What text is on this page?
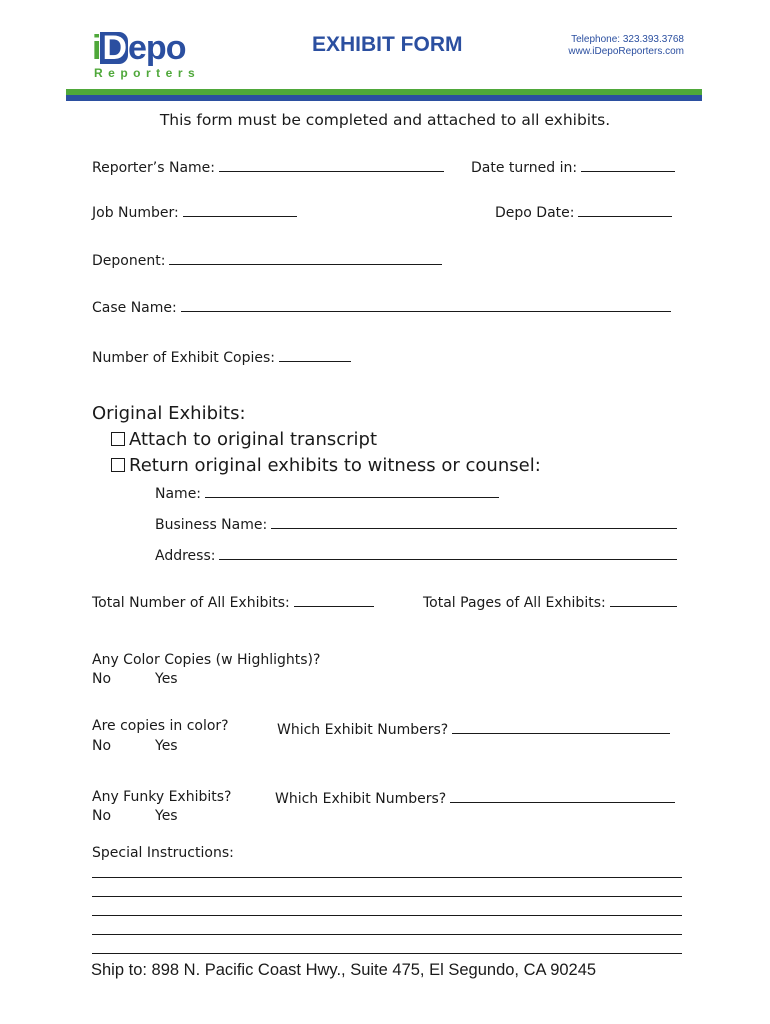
iDepo
Reporters
EXHIBIT FORM	Telephone: 323.393.3768
www.iDepoReporters.com
This form must be completed and attached to all exhibits.
Reporter’s Name:	Date turned in:
Job Number:	Depo Date:
Deponent:
Case Name:
Number of Exhibit Copies:
Original Exhibits:
Attach to original transcript
Return original exhibits to witness or counsel:
Name:
Business Name:
Address:
Total Number of All Exhibits:	Total Pages of All Exhibits:
Any Color Copies (w Highlights)?
No	Yes
Are copies in color?	Which Exhibit Numbers?
No	Yes
Any Funky Exhibits?	Which Exhibit Numbers?
No	Yes
Special Instructions:
Ship to: 898 N. Pacific Coast Hwy., Suite 475, El Segundo, CA 90245
